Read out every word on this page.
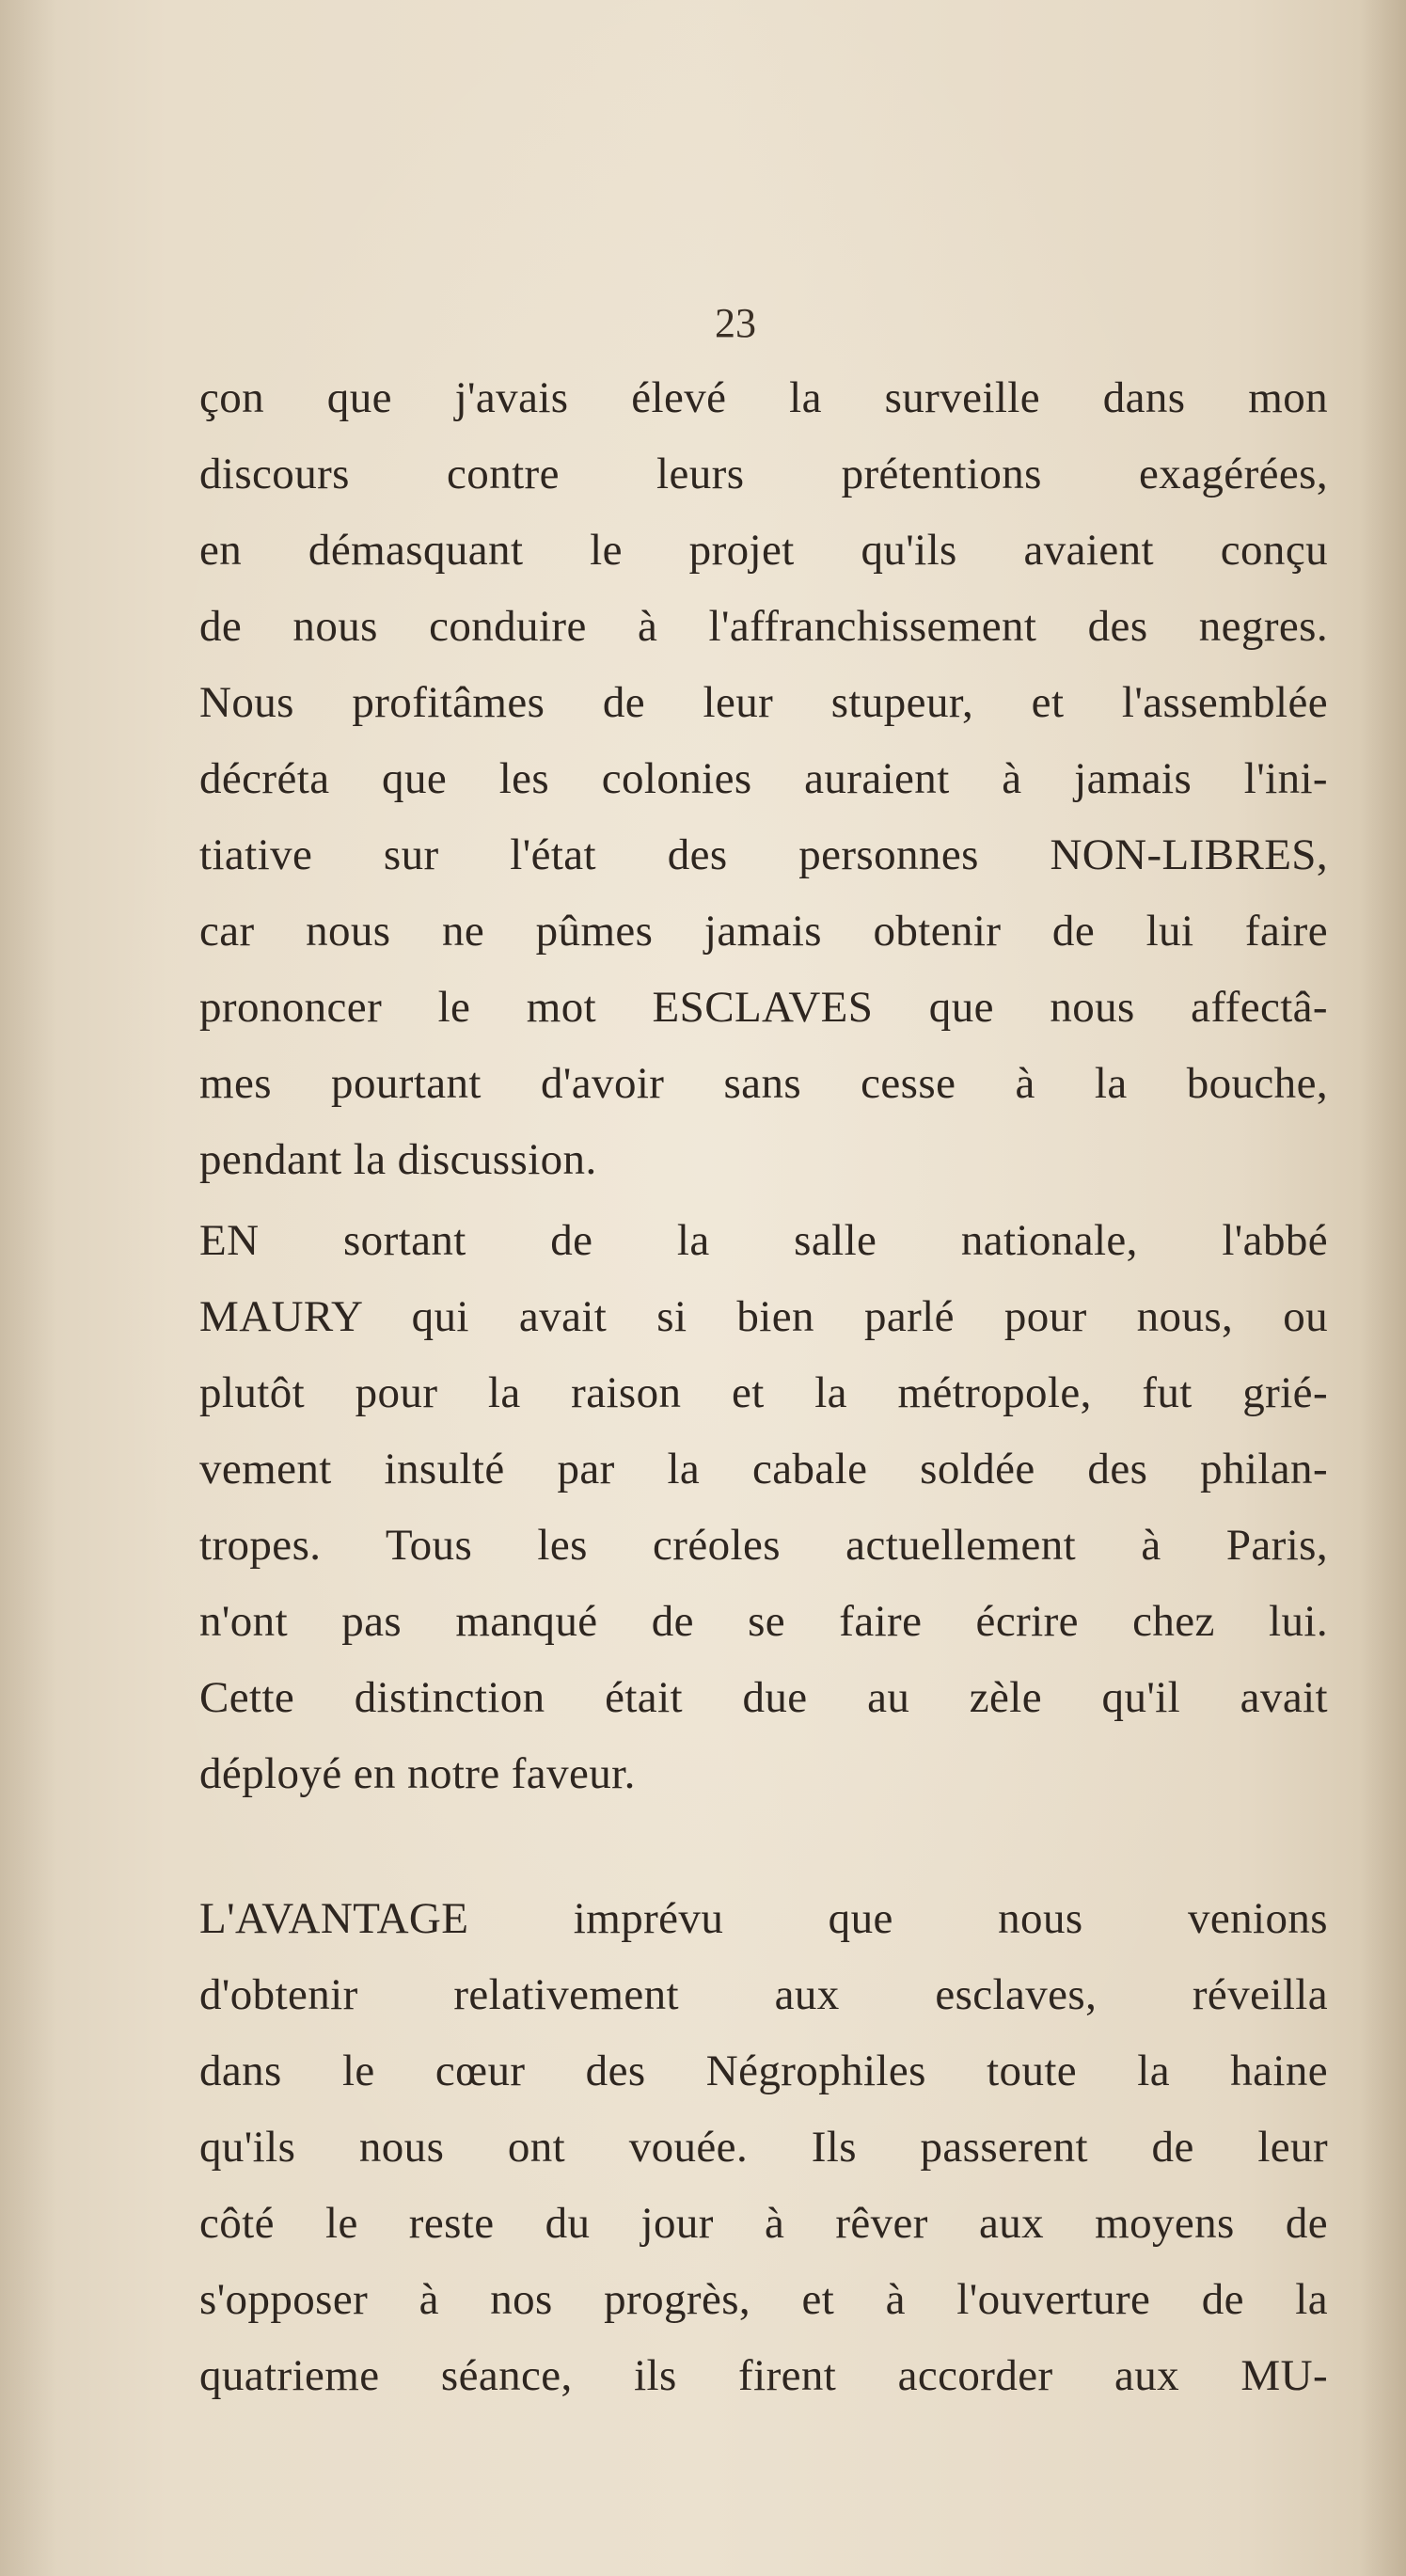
23
çon que j'avais élevé la surveille dans mon
discours contre leurs prétentions exagérées,
en démasquant le projet qu'ils avaient conçu
de nous conduire à l'affranchissement des negres.
Nous profitâmes de leur stupeur, et l'assemblée
décréta que les colonies auraient à jamais l'ini-
tiative sur l'état des personnes NON-LIBRES,
car nous ne pûmes jamais obtenir de lui faire
prononcer le mot ESCLAVES que nous affectâ-
mes pourtant d'avoir sans cesse à la bouche,
pendant la discussion.
EN sortant de la salle nationale, l'abbé
MAURY qui avait si bien parlé pour nous, ou
plutôt pour la raison et la métropole, fut grié-
vement insulté par la cabale soldée des philan-
tropes. Tous les créoles actuellement à Paris,
n'ont pas manqué de se faire écrire chez lui.
Cette distinction était due au zèle qu'il avait
déployé en notre faveur.
L'AVANTAGE imprévu que nous venions
d'obtenir relativement aux esclaves, réveilla
dans le cœur des Négrophiles toute la haine
qu'ils nous ont vouée. Ils passerent de leur
côté le reste du jour à rêver aux moyens de
s'opposer à nos progrès, et à l'ouverture de la
quatrieme séance, ils firent accorder aux MU-
